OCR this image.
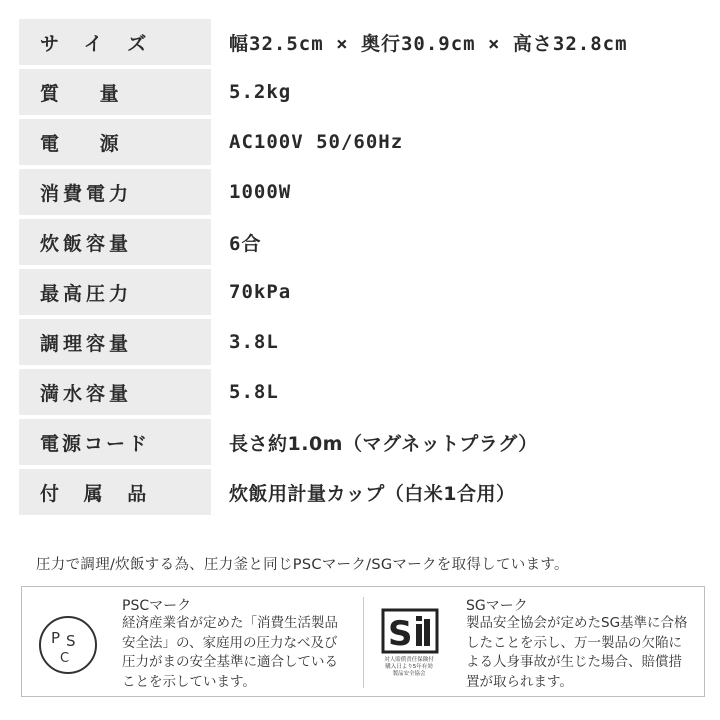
サ イ ズ	幅32.5cm × 奥行30.9cm × 高さ32.8cm
質 量	5.2kg
電 源	AC100V 50/60Hz
消費電力	1000W
炊飯容量	6合
最高圧力	70kPa
調理容量	3.8L
満水容量	5.8L
電源コード	長さ約1.0m（マグネットプラグ）
付 属 品	炊飯用計量カップ（白米1合用）
圧力で調理/炊飯する為、圧力釜と同じPSCマーク/SGマークを取得しています。
P S
C
PSCマーク
経済産業省が定めた「消費生活製品
安全法」の、家庭用の圧力なべ及び
圧力がまの安全基準に適合している
ことを示しています。
S
対人賠償責任保険付
購入日より5年有効
製品安全協会
SGマーク
製品安全協会が定めたSG基準に合格
したことを示し、万一製品の欠陥に
よる人身事故が生じた場合、賠償措
置が取られます。
